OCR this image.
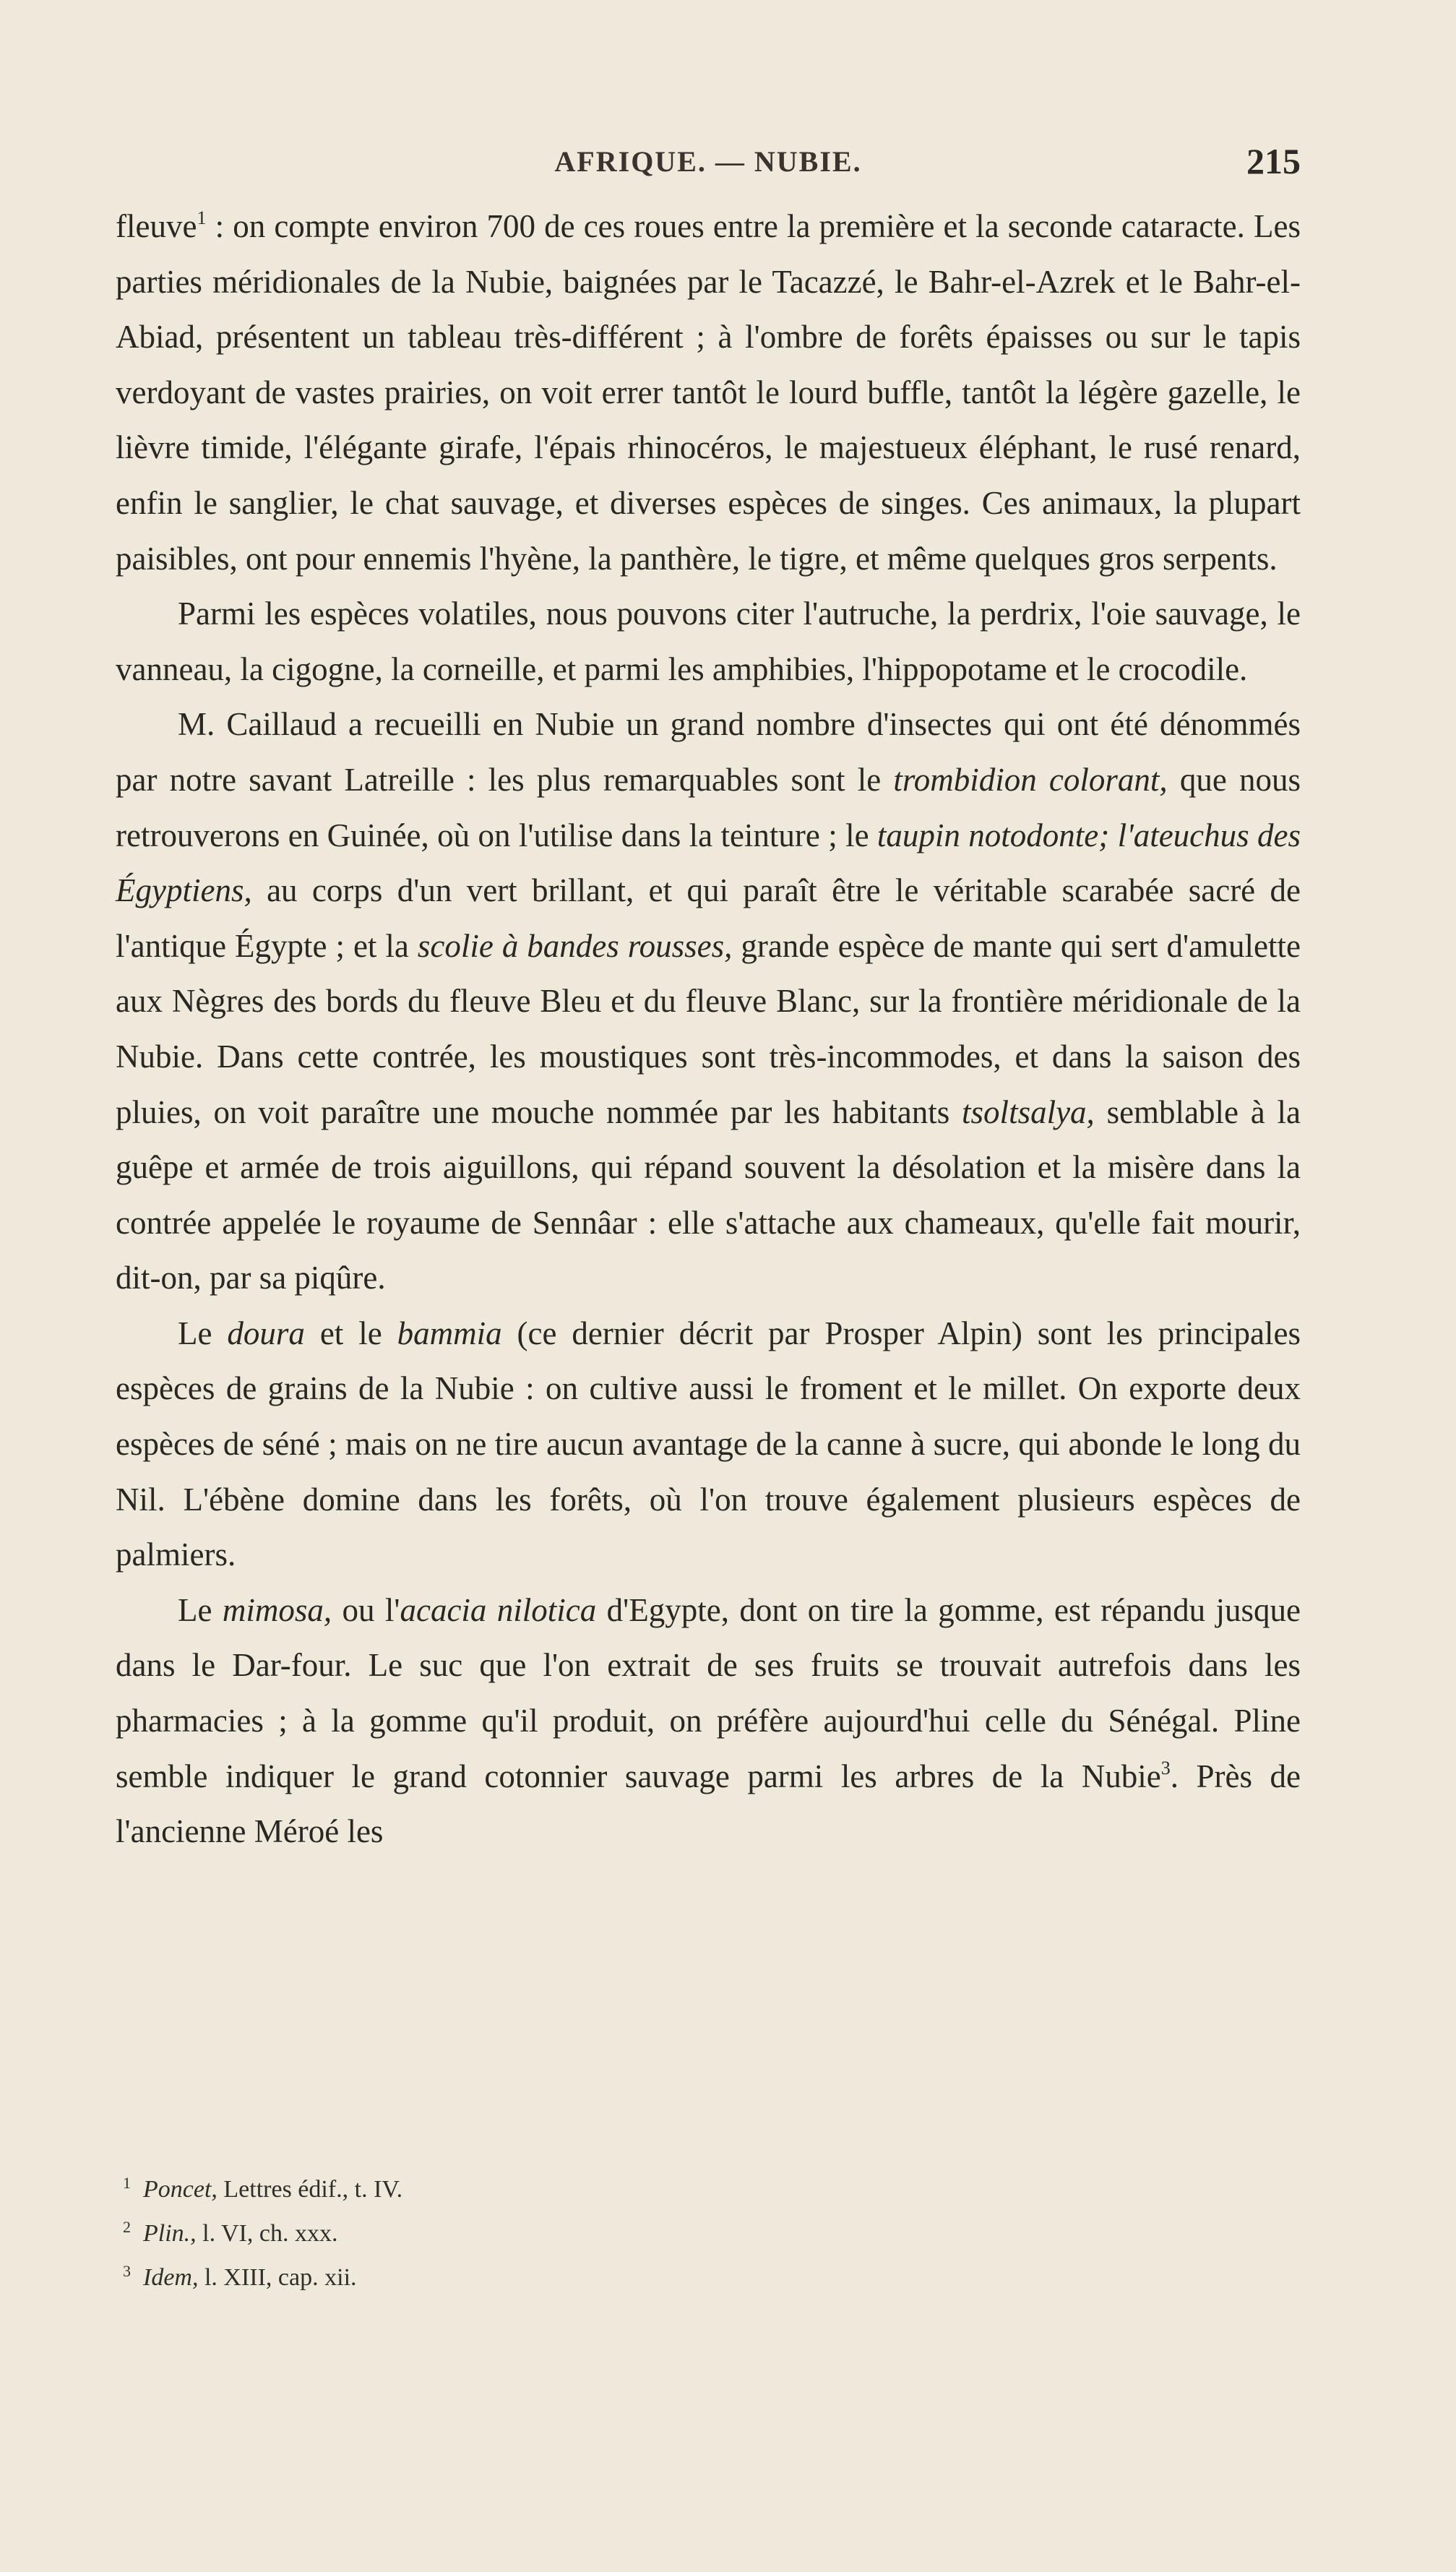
AFRIQUE. — NUBIE.	215

fleuve$^1$ : on compte environ 700 de ces roues entre la première et la seconde cataracte. Les parties méridionales de la Nubie, baignées par le Tacazzé, le Bahr-el-Azrek et le Bahr-el-Abiad, présentent un tableau très-différent ; à l'ombre de forêts épaisses ou sur le tapis verdoyant de vastes prairies, on voit errer tantôt le lourd buffle, tantôt la légère gazelle, le lièvre timide, l'élégante girafe, l'épais rhinocéros, le majestueux éléphant, le rusé renard, enfin le sanglier, le chat sauvage, et diverses espèces de singes. Ces animaux, la plupart paisibles, ont pour ennemis l'hyène, la panthère, le tigre, et même quelques gros serpents.

Parmi les espèces volatiles, nous pouvons citer l'autruche, la perdrix, l'oie sauvage, le vanneau, la cigogne, la corneille, et parmi les amphibies, l'hippopotame et le crocodile.

M. Caillaud a recueilli en Nubie un grand nombre d'insectes qui ont été dénommés par notre savant Latreille : les plus remarquables sont le trombidion colorant, que nous retrouverons en Guinée, où on l'utilise dans la teinture ; le taupin notodonte; l'ateuchus des Égyptiens, au corps d'un vert brillant, et qui paraît être le véritable scarabée sacré de l'antique Égypte ; et la scolie à bandes rousses, grande espèce de mante qui sert d'amulette aux Nègres des bords du fleuve Bleu et du fleuve Blanc, sur la frontière méridionale de la Nubie. Dans cette contrée, les moustiques sont très-incommodes, et dans la saison des pluies, on voit paraître une mouche nommée par les habitants tsoltsalya, semblable à la guêpe et armée de trois aiguillons, qui répand souvent la désolation et la misère dans la contrée appelée le royaume de Sennâar : elle s'attache aux chameaux, qu'elle fait mourir, dit-on, par sa piqûre.

Le doura et le bammia (ce dernier décrit par Prosper Alpin) sont les principales espèces de grains de la Nubie : on cultive aussi le froment et le millet. On exporte deux espèces de séné ; mais on ne tire aucun avantage de la canne à sucre, qui abonde le long du Nil. L'ébène domine dans les forêts, où l'on trouve également plusieurs espèces de palmiers.

Le mimosa, ou l'acacia nilotica d'Egypte, dont on tire la gomme, est répandu jusque dans le Dar-four. Le suc que l'on extrait de ses fruits se trouvait autrefois dans les pharmacies ; à la gomme qu'il produit, on préfère aujourd'hui celle du Sénégal. Pline semble indiquer le grand cotonnier sauvage parmi les arbres de la Nubie$^3$. Près de l'ancienne Méroé les

1 Poncet, Lettres édif., t. IV.

2 Plin., l. VI, ch. xxx.

3 Idem, l. XIII, cap. xii.
